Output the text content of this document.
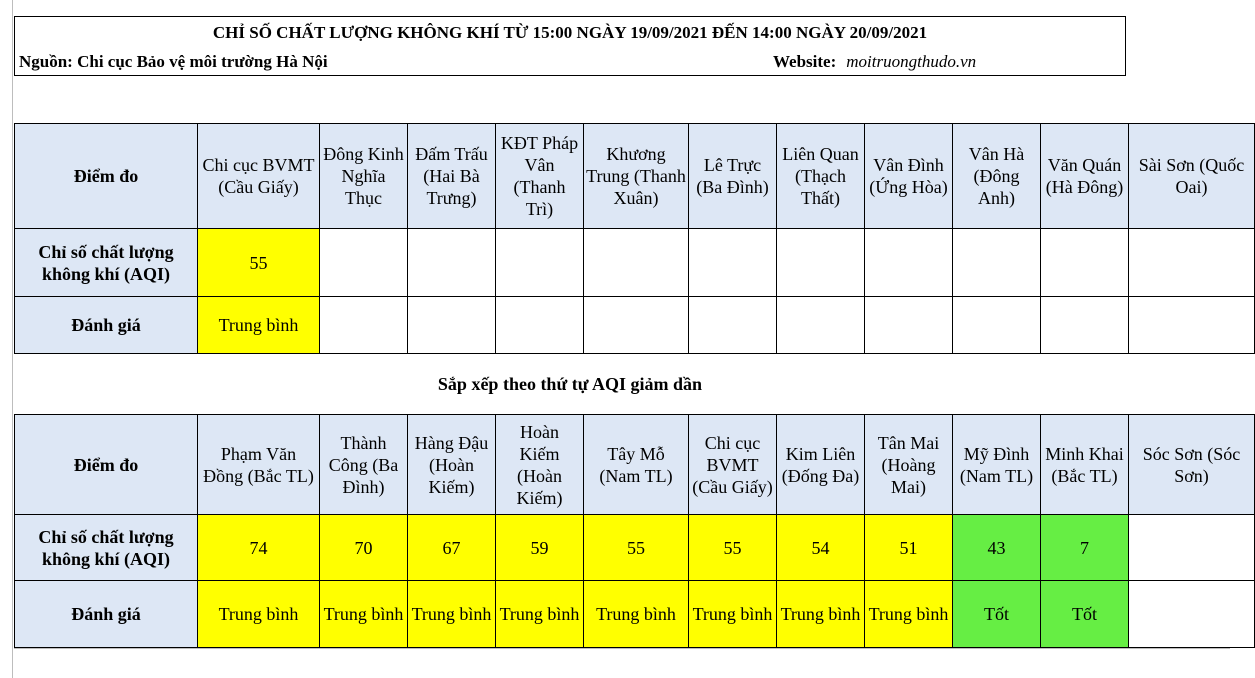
CHỈ SỐ CHẤT LƯỢNG KHÔNG KHÍ TỪ 15:00 NGÀY 19/09/2021 ĐẾN 14:00 NGÀY 20/09/2021
Nguồn: Chi cục Bảo vệ môi trường Hà Nội	Website: moitruongthudo.vn
Điểm đo	Chi cục BVMT (Cầu Giấy)	Đông Kinh Nghĩa Thục	Đấm Trấu (Hai Bà Trưng)	KĐT Pháp Vân (Thanh Trì)	Khương Trung (Thanh Xuân)	Lê Trực (Ba Đình)	Liên Quan (Thạch Thất)	Vân Đình (Ứng Hòa)	Vân Hà (Đông Anh)	Văn Quán (Hà Đông)	Sài Sơn (Quốc Oai)

Chỉ số chất lượng không khí (AQI)	55										
Đánh giá	Trung bình										
Sắp xếp theo thứ tự AQI giảm dần
Điểm đo	Phạm Văn Đồng (Bắc TL)	Thành Công (Ba Đình)	Hàng Đậu (Hoàn Kiếm)	Hoàn Kiếm (Hoàn Kiếm)	Tây Mỗ (Nam TL)	Chi cục BVMT (Cầu Giấy)	Kim Liên (Đống Đa)	Tân Mai (Hoàng Mai)	Mỹ Đình (Nam TL)	Minh Khai (Bắc TL)	Sóc Sơn (Sóc Sơn)

Chỉ số chất lượng không khí (AQI)	74	70	67	59	55	55	54	51	43	7	
Đánh giá	Trung bình	Trung bình	Trung bình	Trung bình	Trung bình	Trung bình	Trung bình	Trung bình	Tốt	Tốt	
